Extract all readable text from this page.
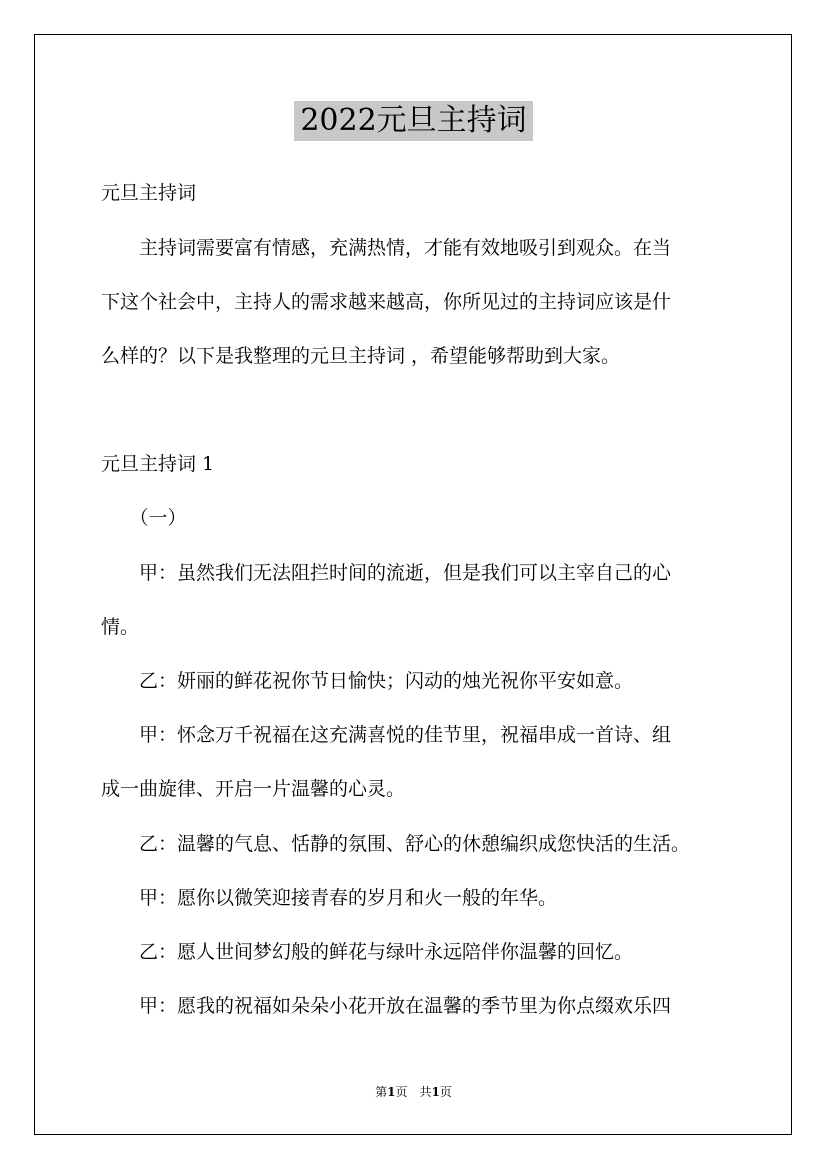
2022元旦主持词
元旦主持词
　　主持词需要富有情感，充满热情，才能有效地吸引到观众。在当
下这个社会中，主持人的需求越来越高，你所见过的主持词应该是什
么样的？以下是我整理的元旦主持词 ，希望能够帮助到大家。
元旦主持词 1
　　（一）
　　甲：虽然我们无法阻拦时间的流逝，但是我们可以主宰自己的心
情。
　　乙：妍丽的鲜花祝你节日愉快；闪动的烛光祝你平安如意。
　　甲：怀念万千祝福在这充满喜悦的佳节里，祝福串成一首诗、组
成一曲旋律、开启一片温馨的心灵。
　　乙：温馨的气息、恬静的氛围、舒心的休憩编织成您快活的生活。
　　甲：愿你以微笑迎接青春的岁月和火一般的年华。
　　乙：愿人世间梦幻般的鲜花与绿叶永远陪伴你温馨的回忆。
　　甲：愿我的祝福如朵朵小花开放在温馨的季节里为你点缀欢乐四
第1页　共1页
